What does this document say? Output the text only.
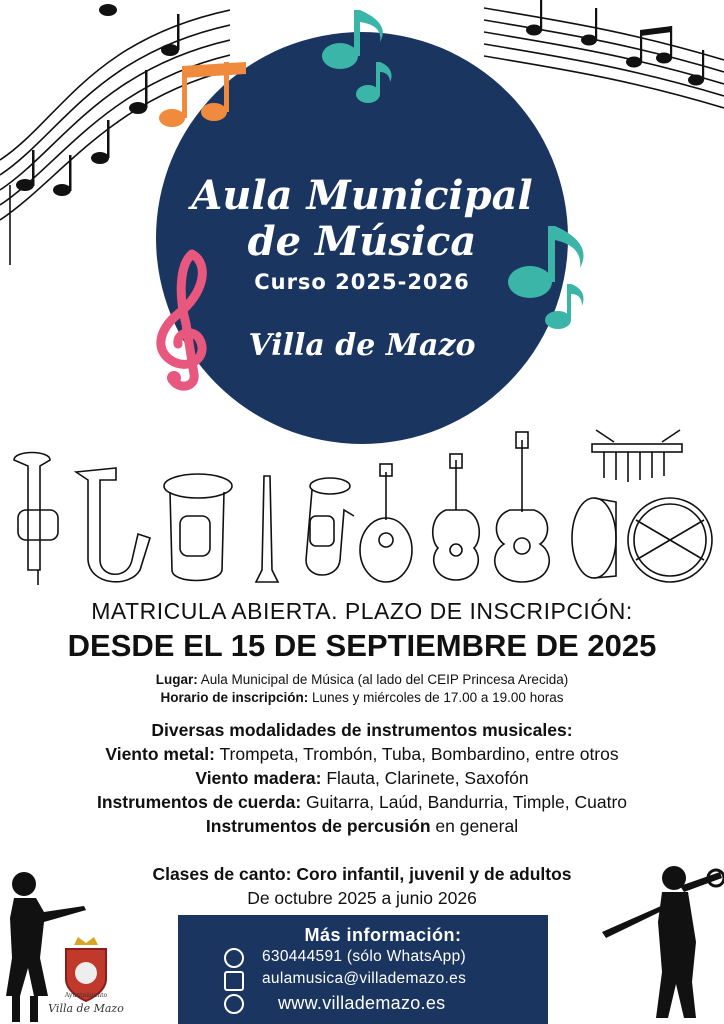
Aula Municipal
de Música
Curso 2025-2026
Villa de Mazo
MATRICULA ABIERTA. PLAZO DE INSCRIPCIÓN:
DESDE EL 15 DE SEPTIEMBRE DE 2025
Lugar: Aula Municipal de Música (al lado del CEIP Princesa Arecida)
Horario de inscripción: Lunes y miércoles de 17.00 a 19.00 horas
Diversas modalidades de instrumentos musicales:
Viento metal: Trompeta, Trombón, Tuba, Bombardino, entre otros
Viento madera: Flauta, Clarinete, Saxofón
Instrumentos de cuerda: Guitarra, Laúd, Bandurria, Timple, Cuatro
Instrumentos de percusión en general
Clases de canto: Coro infantil, juvenil y de adultos
De octubre 2025 a junio 2026
Ayuntamiento
Villa de Mazo
Más información:
630444591 (sólo WhatsApp)
aulamusica@villademazo.es
www.villademazo.es
